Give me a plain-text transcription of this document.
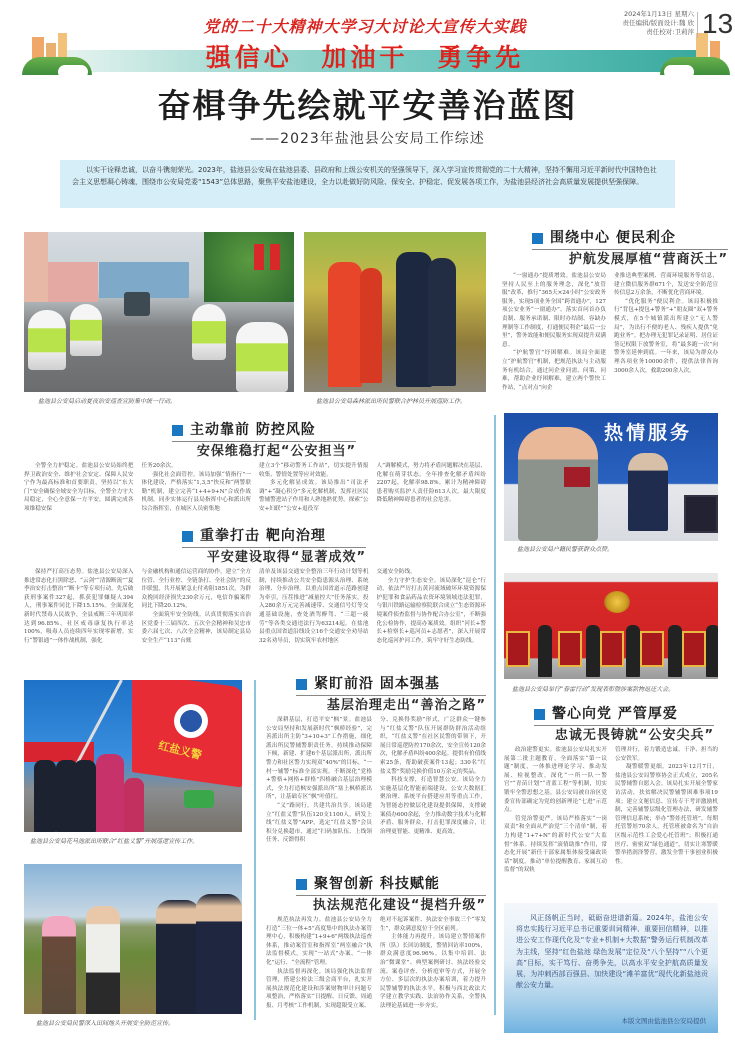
党的二十大精神大学习大讨论大宣传大实践
强信心 加油干 勇争先
2024年1月13日 星期六
责任编辑/版面设计:魏 欣
责任校对:卫莉萍 13
奋楫争先绘就平安善治蓝图
——2023年盐池县公安局工作综述
以实干诠释忠诚，以奋斗镌刻荣光。2023年，盐池县公安局在盐池县委、县政府和上级公安机关的坚强领导下，深入学习宣传贯彻党的二十大精神，坚持不懈用习近平新时代中国特色社会主义思想凝心铸魂，围绕市公安局党委“1543”总体思路，聚焦平安盐池建设，全力以赴做好防风险、保安全、护稳定、促发展各项工作，为盐池县经济社会高质量发展提供坚强保障。
盐池县公安局启动夏夜治安巡查宣防集中统一行动。	盐池县公安局森林派出所民警联合护林员开展巡防工作。
围绕中心 便民利企
护航发展厚植“营商沃土”

“一窗通办”提质增效。盐池县公安局坚持人民至上的服务理念，深化“放管服”改革，推行“365天×24小时”公安政务服务，实现5项业务全国“跨省通办”，127项公安业务“一窗通办”。落实首问首办负责制、服务承诺制、限时办结制、容缺办理制等工作制度，打通便民利企“最后一公里”，警务效能和便民服务实现双提升双满意。

“护航警官”纾困解难。该局全面建立“护航警官”机制，把规范执法与主动服务有机结合，通过问企业问需、问策、问难，帮助企业纾困解难，建立两个警快工作站，“点对点”向企

业推送典型案例、营商环境服务等信息，建立微信服务群671个，发送安全防范宣传信息2万余条，不断优化营商环境。

“优化服务”便民利企。该局积极推行“背包+提包+警务”+“朋友圈”双+警务模式，在5个城镇派出所建立“无人警局”，为出行不便的老人、残疾人提供“免跑业务”。把办理无犯罪记录证明、居住证签记权限下放警务室，将“最多跑一次”向警务室延伸到底。一年来，该局为群众办理各项业务10000余件，提供法律咨询3000余人次，救助200余人次。

主动靠前 防控风险
安保维稳打起“公安担当”

全警全力护稳定。盐池县公安局始终把捍卫政治安全、维护社会安定、保障人民安宁作为最高标准和首要职责，坚持以“东大门”安全确保全域安全为目标，全警全力守大局稳定，全心全意保一方平安，圆满完成各项维稳安保

任务20余次。

强化社会面管控。该局加强“情指行”一体化建设，严格落实“1,3,5”快反和“两警联勤”机制，建立完善“1+4+9+N”合成作战机制，同步实体运行县局指挥中心和派出所综合指挥室，在城区人员密集地

建立3个“移动警务工作站”，切实提升情报收集、警情处置等应对效能。

多元化解显成效。该局推出“司法矛调”+“凝心积分”多元化解机制，发挥社区民警辅警进站子作用和人熟地熟优势，探索“公安+妇联”“公安+退役军

人”调解模式，努力将矛盾问题解决在基层、化解在萌芽状态。全年排查化解矛盾纠纷2207起，化解率98.8%。累计为精神障碍患者购买监护人责任险613人次，最大限度降低精神障碍患者的社会危害。

热情服务
盐池县公安局户籍民警获群众点赞。
重拳打击 靶向治理
平安建设取得“显著成效”

保持严打高压态势。盐池县公安局深入推进常态化扫黑除恶、“云剑”“清源断流”“夏季治安打击整治”“断卡”等专项行动，先后破获刑事案件327起，抓获犯罪嫌疑人394人，刑事案件同比下降15.15%。全面深化新时代禁毒人民战争，全县戒断三年巩固率达到96.85%，社区戒毒康复执行率达100%，吸毒人员连续四年实现零新增。实行“警银通”一体作战机制，强化

与金融机构和通信运营商的协作，建立“全方位管、全行业控、全链条打、全社会防”的反诈联盟，共开展紧急止付劝阻1851次，为群众挽回经济损失230余万元，电信诈骗案件同比下降20.12%。

全面筑牢安全防线。认真贯彻落实自治区党委十三届四次、五次全会精神和吴忠市委六届七次、八次全会精神，该局制定县局安全生产“113”台账

清单及该县交通安全整治三年行动计划等机制，持续推动公共安全隐患源头治理、系统治理、分步治理。以重点国省道示范路创建为牵引，压茬推进“减量控大”任务落实，投入280余万元完善减速带、交通信号灯等交通基础设施，查处酒驾醉驾、“三超一疲劳”等各类交通违法行为63214起。在盐池县重点国省道沿线设立16个交通安全劝导站32名劝导员，切实筑牢农村地区

交通安全防线。

全力守护生态安全。该局深化“昆仑”行动，依法严厉打击黄河流域破坏环境资源保护犯罪和食品药品农资环境领域违法犯罪，与银川铁路运输检察院联合成立“生态资源环境案件侦查监督与协作配合办公室”，不断强化公检协作，提高办案质效。组织“河长+警长+检察长+巡河员+志愿者”，深入开展常态化巡河护河工作，筑牢守好生态防线。

盐池县公安局举行“春雷行动”发现表彰暨涉案款物返还大会。
红盐义警
盐池县公安局花马池派出所联合“红盐义警”开展巡逻宣传工作。
紧盯前沿 固本强基
基层治理走出“善治之路”

深耕基层，打造平安“枫”景。盐池县公安局坚持和发展新时代“枫桥经验”，完善派出所主防“3+10+3”工作措施，细化派出所民警辅警职责任务。持续推动保障下倾，新建、扩建6个基层派出所，派出所警力和社区警力实现双“40%”的目标，“一村一辅警”标准全部实现。不断深化“党格+警格+网格+群格”四格融合基层治理模式，全力打造枫安强派出所“塞上枫桥派出所”，让基础专区“枫”叶值红。

“义”路同行，共建共治共享。该局建立“红盐义警”队伍120支1100人，研发上线“红盐义警”APP，选定“红盐义警”会员积分兑换超市，通过“扫码加队伍、上线领任务、反馈得积

分、兑换得奖励”形式，广泛群众一键参与“红盐义警”队伍开展群防群治活动组织，“红盐义警”在社区民警的带领下，开展日常巡逻防控170余次，安全宣传120余次，化解矛盾纠纷400余起。提供有价值线索25条，帮助破获案件13起；330名“红盐义警”奖励兑换价值10万余元的奖品。

科技支撑，打造智慧公安。该局全力实施基层化智能前端建设，公安大数据汇聚治理、系统平台搭建应用等重点工作，为智能态控做层化建设提供保障，支撑破案侦办600余起，全力推动数字技术与化解矛盾、服务群众、打击犯罪深度融合，让治理更智能、更精准、更高效。

警心向党 严管厚爱
忠诚无畏铸就“公安尖兵”

政治建警更实。盐池县公安局扎实开展第二批主题教育，全面落实“第一议题”制度，一体推进理论学习、推动发展、检视整改。深化“一所一队一警官”“青苗计划”“青蓝工程”等机制，切实锻牢全警思想之基。县公安局被自治区党委宣传部确定为党的创新理论“七进”示范点。

管党治警更严。该局严格落实“一岗双责”和全面从严治党“三个清单”制，着力构建“1+7+N”的新时代公安“大监督”体系。持续发挥“滚情助推”作用，常态化开展“新任干部家属集体接受廉政谈话”制度，推动“单位提醒教育、家属互动监督”的双轨

管理并行，着力锻造忠诚、干净、担当的公安铁军。

凝警暖警更细。2023年12月7日，盐池县公安局警察协会正式成立，205名民警辅警自愿入会。该局扎实开展全警家访活动，扶贫解决民警辅警困难事项19项；建立文秘信息、宣传专干考评激励机制，完善辅警层级化管理办法，研发辅警管理信息系统；举办“警娃托管班”，每期托管警娃70余人，托管班被命名为“自治区级示范性工会爱心托管班”；积极打通医疗、密密双“绿色通道”，切实让寒警暖警举措润泽警营，激发全警干事创业积极性。

盐池县公安局民警深入田间地头开展安全防范宣传。
聚智创新 科技赋能
执法规范化建设“提档升级”

规范执法再发力。盐池县公安局全力打造“三位一体+5”高度集中的执法办案管理中心，积极构建“1+9+6”两级执法巡查体系，推动案管室和指挥室“两室融合”执法监督模式，实现“一站式”办案、“一体化”运行、“全流程”管理。

执法监督再深化。该局强化执法监督管理，搭建公检法三级会商平台，扎实开展执法规范化建设和涉案财物审计问题专项整治，严格落实“日提醒、日反馈、周通报、月考核”工作机制，实现超限受立案、

绝对不起诉案件、执法安全事故三个“零发生”，群众满意度位于全区前列。

主体能力再提升。该局建立警情案件所（队）长回访制度，警情回访率100%，群众满意度96.96%。以集中培训、法治“微课堂”、典型案例研讨、执法经验交流、案卷评查、分析庭审等方式，开展全方位、多层次的执法办案培训，着力提升民警辅警的执法水平。积极与西北政法大学建立教学实践、法治协作关系，全警执法理论基础进一步夯实。

风正扬帆正当时，砥砺奋进谱新篇。2024年，盐池公安将忠实践行习近平总书记重要训词精神、重要回信精神，以推进公安工作现代化及“专业+机制+大数据”警务运行机制改革为主线，坚持“红色盐池 绿色发展”定位及“八个坚持”“八个更高”目标，实干笃行、奋勇争先，以高水平安全护航高质量发展，为冲刺西部百强县、加快建设“滩羊富优”现代化新盐池贡献公安力量。
本版文图由盐池县公安局提供
